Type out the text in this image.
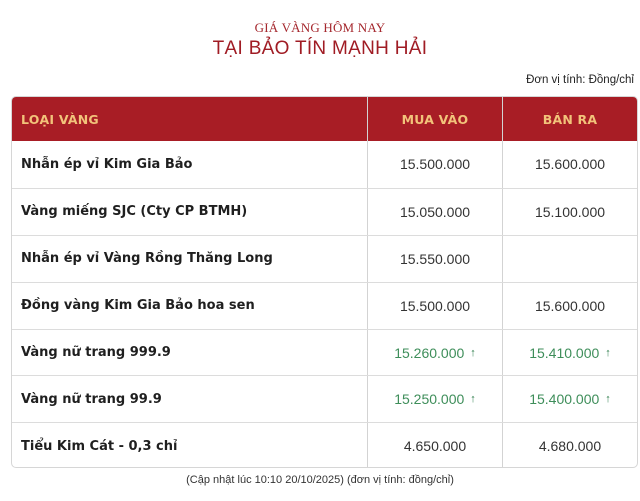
GIÁ VÀNG HÔM NAY
TẠI BẢO TÍN MẠNH HẢI
Đơn vị tính: Đồng/chỉ
LOẠI VÀNG	MUA VÀO	BÁN RA
Nhẫn ép vỉ Kim Gia Bảo	15.500.000	15.600.000
Vàng miếng SJC (Cty CP BTMH)	15.050.000	15.100.000
Nhẫn ép vỉ Vàng Rồng Thăng Long	15.550.000
Đồng vàng Kim Gia Bảo hoa sen	15.500.000	15.600.000
Vàng nữ trang 999.9	15.260.000 ↑	15.410.000 ↑
Vàng nữ trang 99.9	15.250.000 ↑	15.400.000 ↑
Tiểu Kim Cát - 0,3 chỉ	4.650.000	4.680.000
(Cập nhật lúc 10:10 20/10/2025) (đơn vị tính: đồng/chỉ)
